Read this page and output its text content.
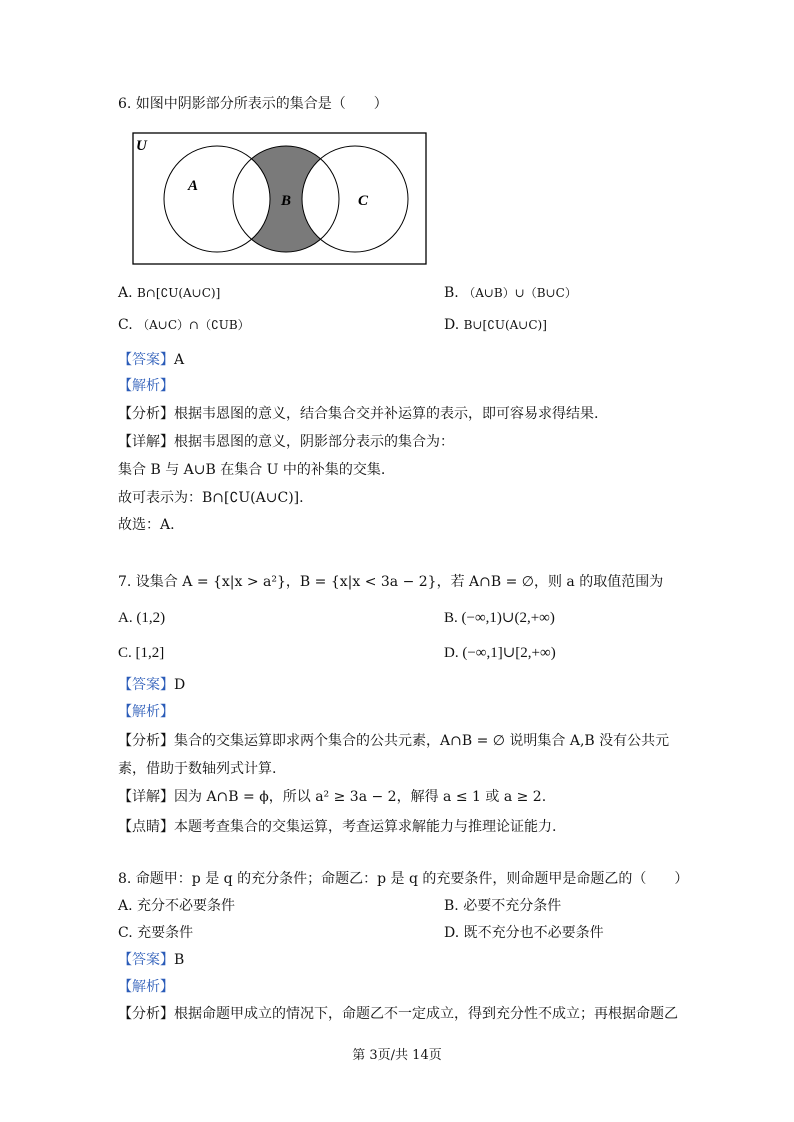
6. 如图中阴影部分所表示的集合是（　　）
U
A
B	C
A. B∩[∁U(A∪C)]	B. （A∪B）∪（B∪C）
C. （A∪C）∩（∁UB）	D. B∪[∁U(A∪C)]
【答案】A
【解析】
【分析】根据韦恩图的意义，结合集合交并补运算的表示，即可容易求得结果.
【详解】根据韦恩图的意义，阴影部分表示的集合为：
集合 B 与 A∪B 在集合 U 中的补集的交集.
故可表示为：B∩[∁U(A∪C)].
故选：A.
7. 设集合 A = {x|x > a²}，B = {x|x < 3a − 2}，若 A∩B = ∅，则 a 的取值范围为
A. (1,2)	B. (−∞,1)∪(2,+∞)
C. [1,2]	D. (−∞,1]∪[2,+∞)
【答案】D
【解析】
【分析】集合的交集运算即求两个集合的公共元素，A∩B = ∅ 说明集合 A,B 没有公共元
素，借助于数轴列式计算.
【详解】因为 A∩B = ϕ，所以 a² ≥ 3a − 2，解得 a ≤ 1 或 a ≥ 2.
【点睛】本题考查集合的交集运算，考查运算求解能力与推理论证能力.
8. 命题甲：p 是 q 的充分条件；命题乙：p 是 q 的充要条件，则命题甲是命题乙的（　　）
A. 充分不必要条件	B. 必要不充分条件
C. 充要条件	D. 既不充分也不必要条件
【答案】B
【解析】
【分析】根据命题甲成立的情况下，命题乙不一定成立，得到充分性不成立；再根据命题乙
第 3页/共 14页
